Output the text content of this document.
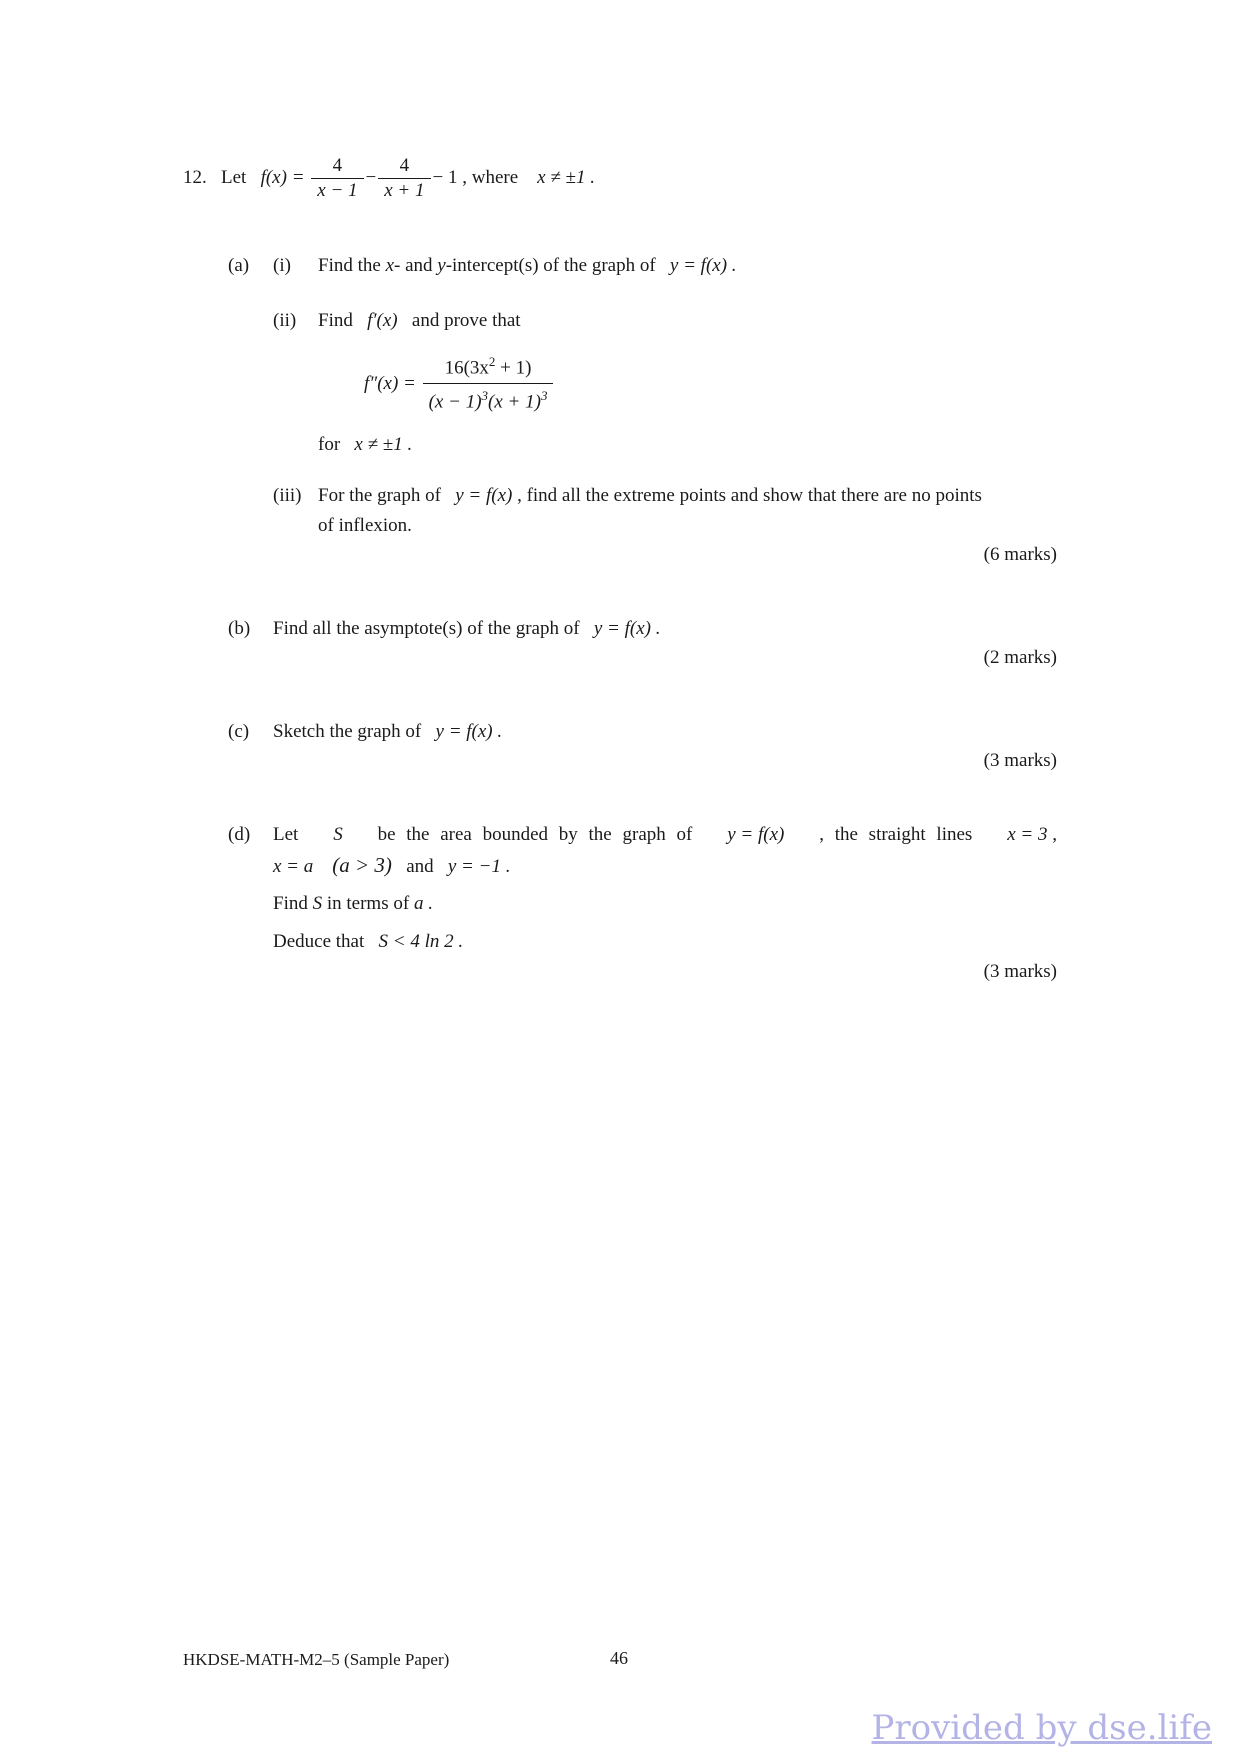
12. Let $f(x) = \frac{4}{x - 1} - \frac{4}{x + 1} - 1$ , where x ≠ ±1 .
(a) (i) Find the x- and y-intercept(s) of the graph of y = f(x) .
(ii) Find f′(x) and prove that
$f''(x) = \frac{16(3x^2 + 1)}{(x - 1)^3(x + 1)^3}$
for x ≠ ±1 .
(iii) For the graph of y = f(x) , find all the extreme points and show that there are no points
of inflexion.
(6 marks)
(b) Find all the asymptote(s) of the graph of y = f(x) .
(2 marks)
(c) Sketch the graph of y = f(x) .
(3 marks)
(d) Let S be the area bounded by the graph of y = f(x) , the straight lines x = 3 ,
x = a (a > 3) and y = −1 .
Find S in terms of a .
Deduce that S < 4 ln 2 .
(3 marks)
HKDSE-MATH-M2–5 (Sample Paper)	46
Provided by dse.life
